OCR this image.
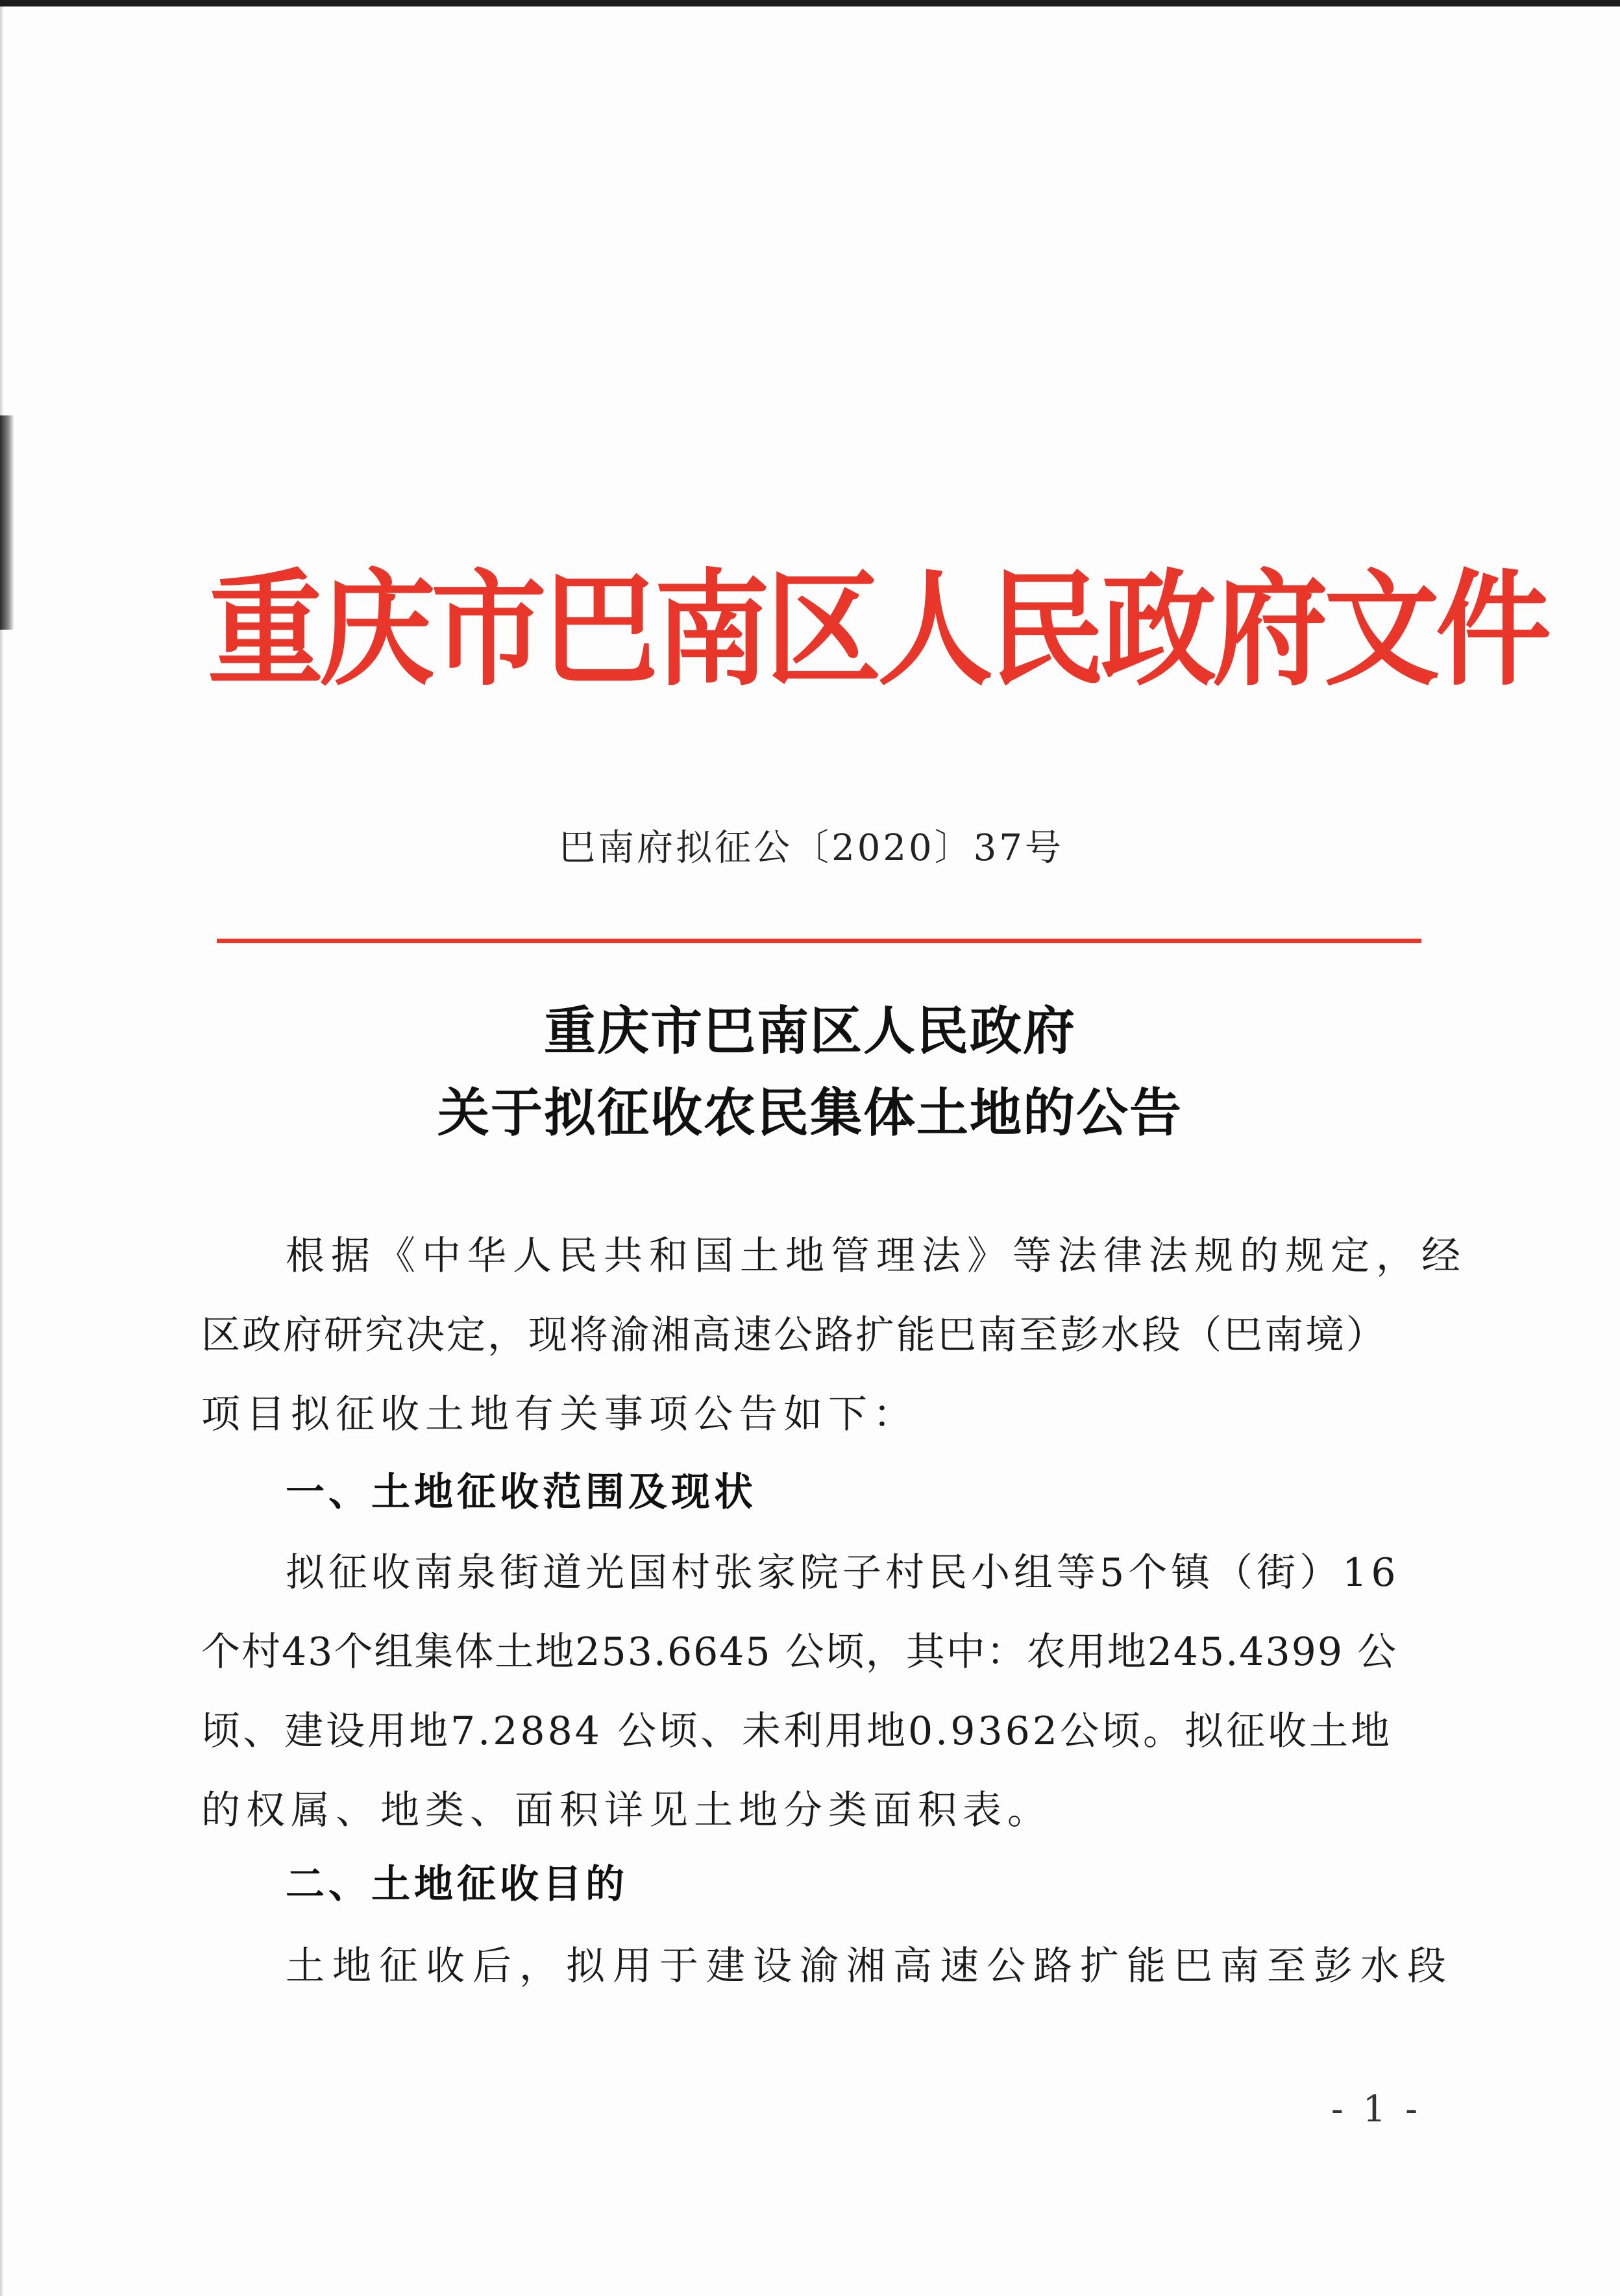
重庆市巴南区人民政府文件

巴南府拟征公〔2020〕37号

重庆市巴南区人民政府
关于拟征收农民集体土地的公告
根据《中华人民共和国土地管理法》等法律法规的规定，经
区政府研究决定，现将渝湘高速公路扩能巴南至彭水段（巴南境）
项目拟征收土地有关事项公告如下：
一、土地征收范围及现状
拟征收南泉街道光国村张家院子村民小组等5个镇（街）16
个村43个组集体土地253.6645 公顷，其中：农用地245.4399 公
顷、建设用地7.2884 公顷、未利用地0.9362公顷。拟征收土地
的权属、地类、面积详见土地分类面积表。
二、土地征收目的
土地征收后，拟用于建设渝湘高速公路扩能巴南至彭水段

- 1 -
